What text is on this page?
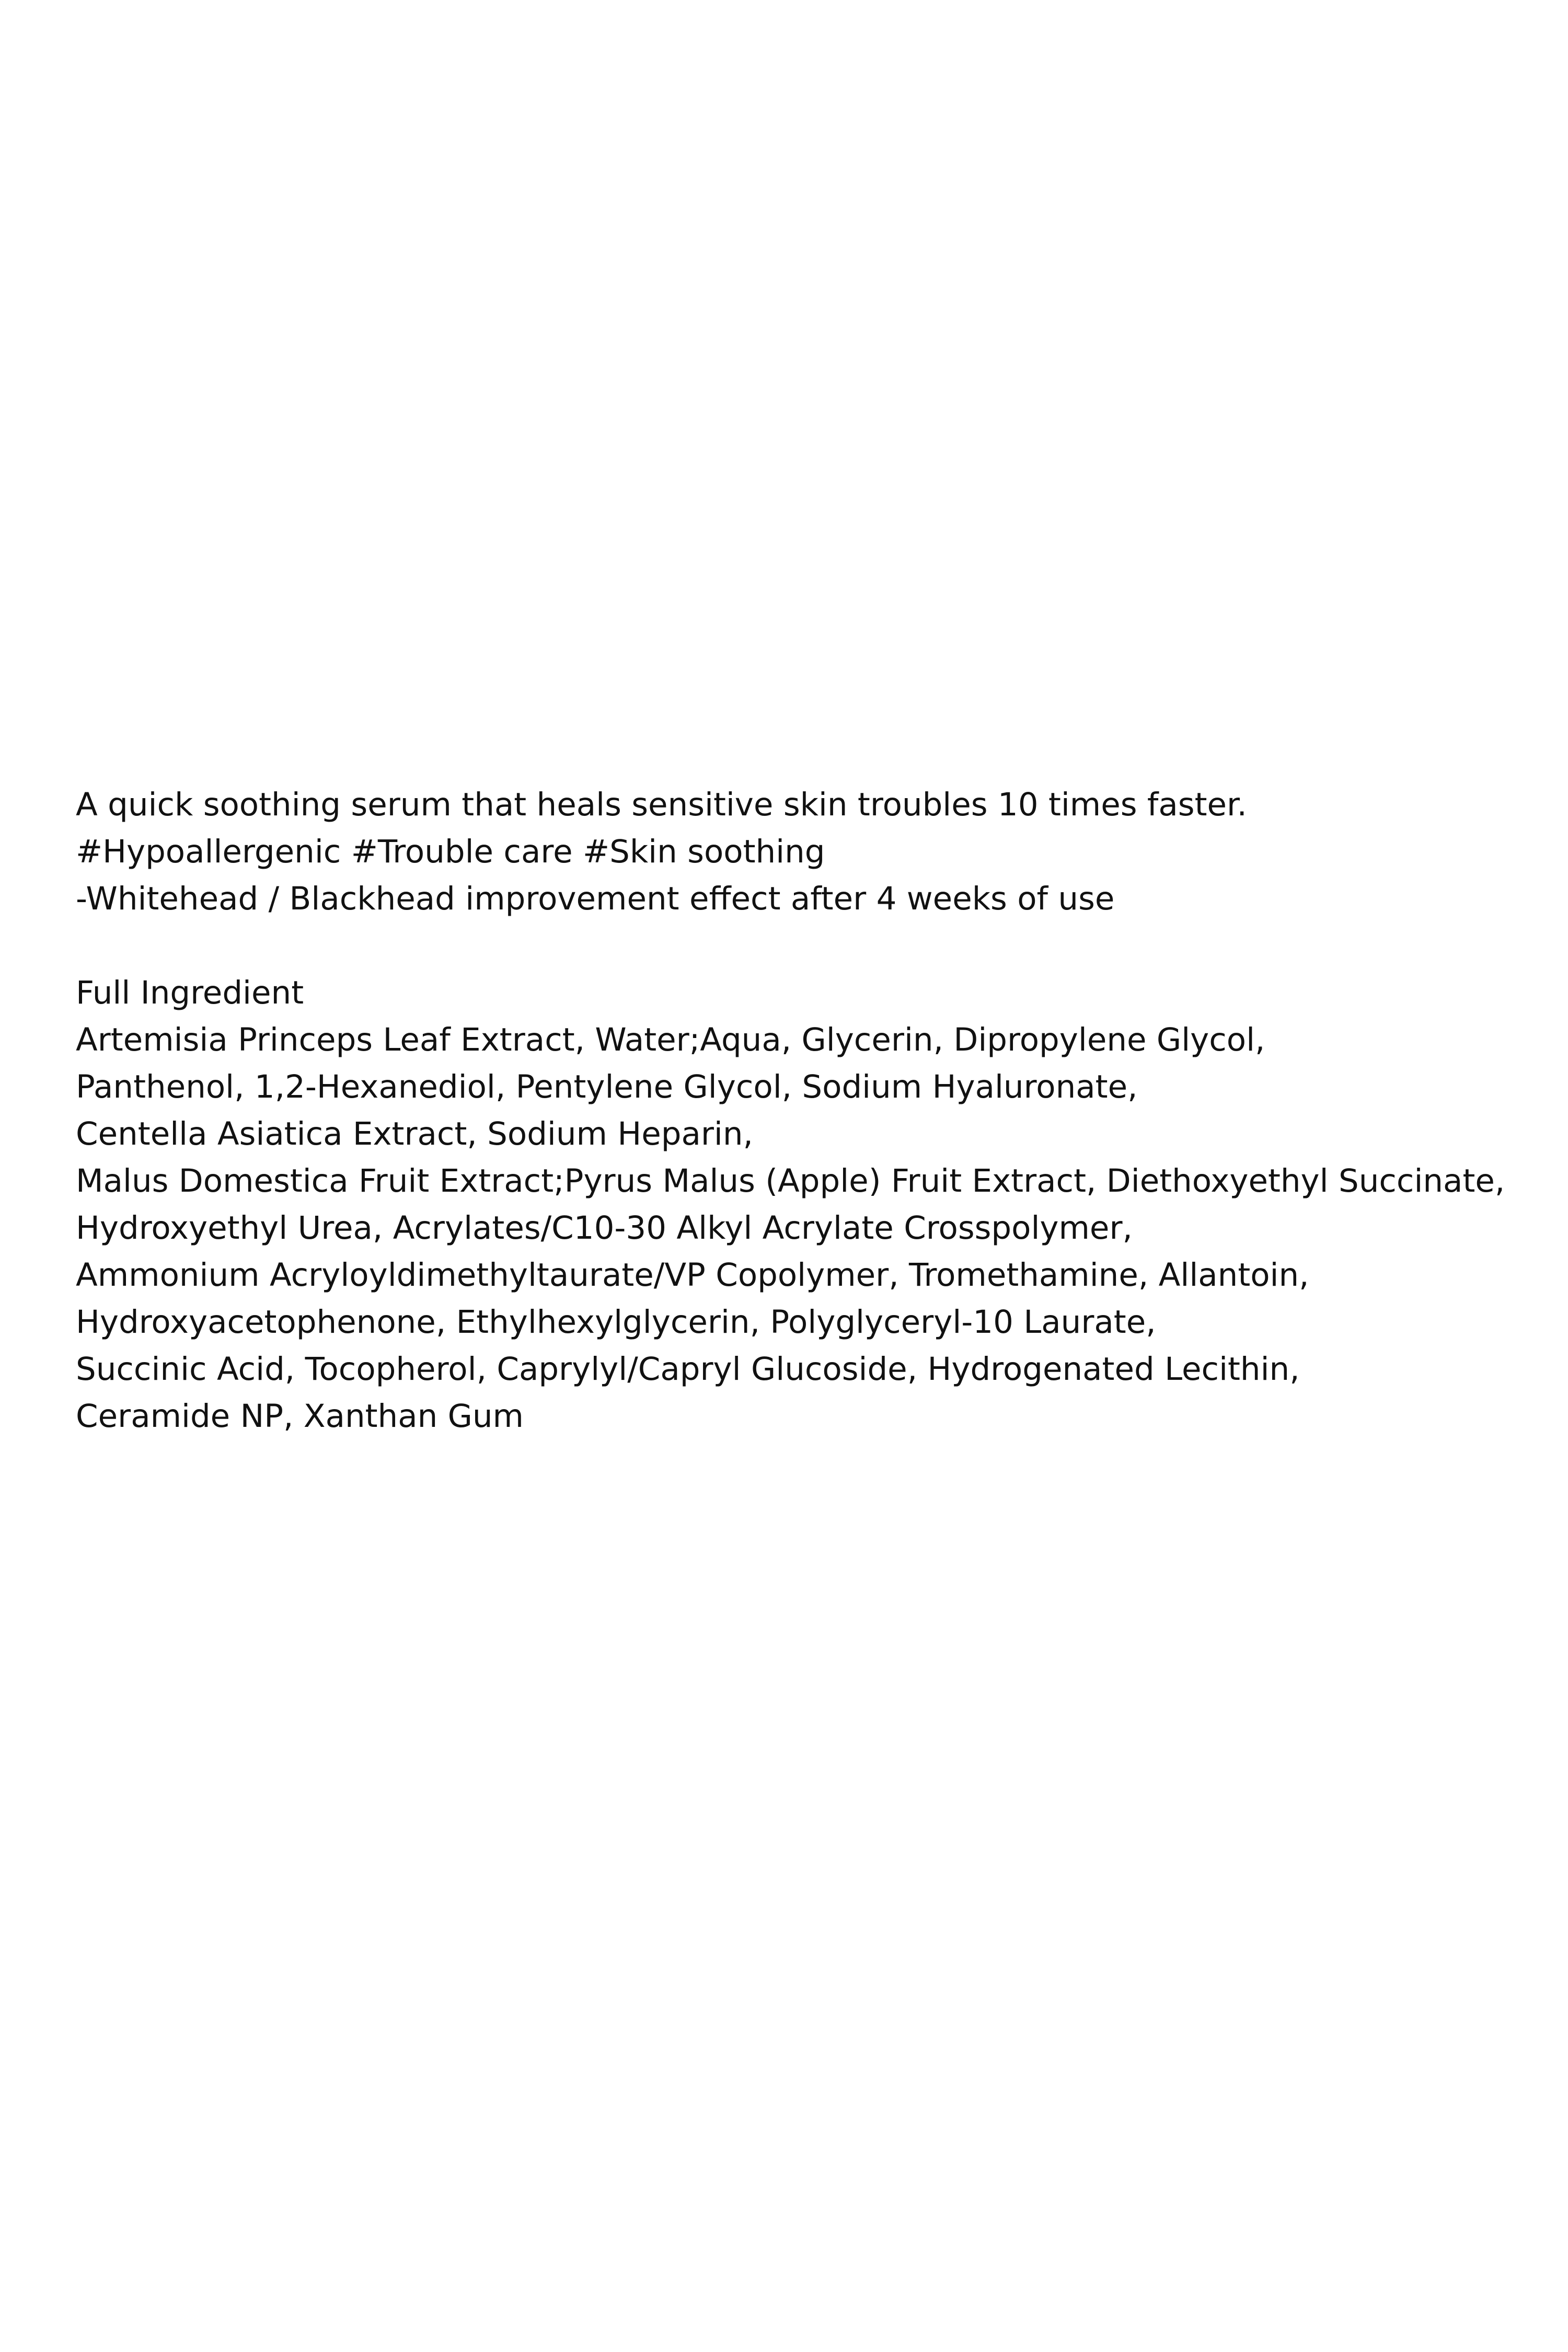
A quick soothing serum that heals sensitive skin troubles 10 times faster.
#Hypoallergenic #Trouble care #Skin soothing
-Whitehead / Blackhead improvement effect after 4 weeks of use
Full Ingredient
Artemisia Princeps Leaf Extract, Water;Aqua, Glycerin, Dipropylene Glycol,
Panthenol, 1,2-Hexanediol, Pentylene Glycol, Sodium Hyaluronate,
Centella Asiatica Extract, Sodium Heparin,
Malus Domestica Fruit Extract;Pyrus Malus (Apple) Fruit Extract, Diethoxyethyl Succinate,
Hydroxyethyl Urea, Acrylates/C10-30 Alkyl Acrylate Crosspolymer,
Ammonium Acryloyldimethyltaurate/VP Copolymer, Tromethamine, Allantoin,
Hydroxyacetophenone, Ethylhexylglycerin, Polyglyceryl-10 Laurate,
Succinic Acid, Tocopherol, Caprylyl/Capryl Glucoside, Hydrogenated Lecithin,
Ceramide NP, Xanthan Gum
